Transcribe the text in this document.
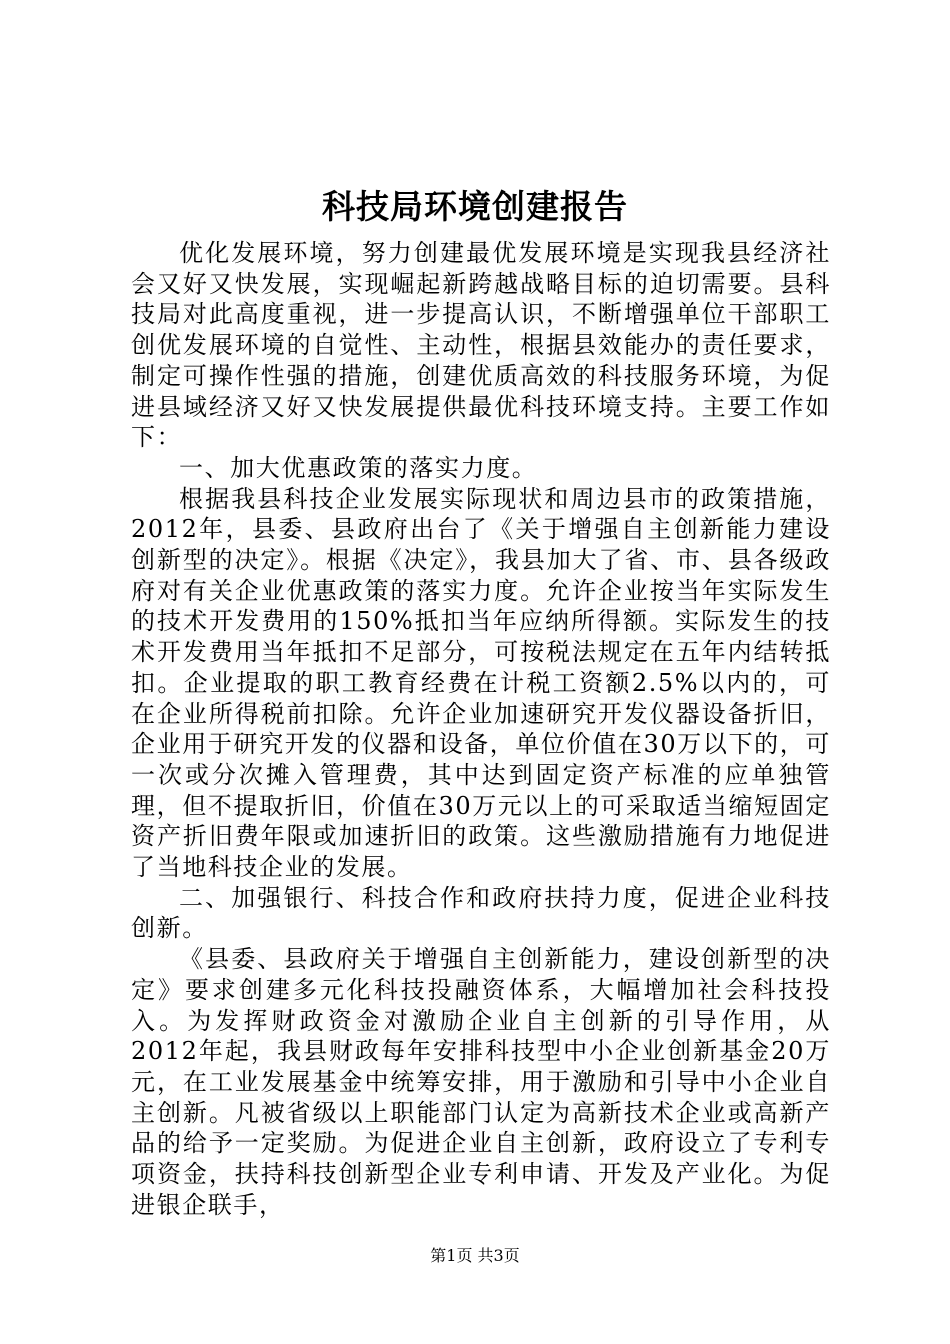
科技局环境创建报告

优化发展环境，努力创建最优发展环境是实现我县经济社会又好又快发展，实现崛起新跨越战略目标的迫切需要。县科技局对此高度重视，进一步提高认识，不断增强单位干部职工创优发展环境的自觉性、主动性，根据县效能办的责任要求，制定可操作性强的措施，创建优质高效的科技服务环境，为促进县域经济又好又快发展提供最优科技环境支持。主要工作如下：

一、加大优惠政策的落实力度。

根据我县科技企业发展实际现状和周边县市的政策措施，2012年，县委、县政府出台了《关于增强自主创新能力建设创新型的决定》。根据《决定》，我县加大了省、市、县各级政府对有关企业优惠政策的落实力度。允许企业按当年实际发生的技术开发费用的150%抵扣当年应纳所得额。实际发生的技术开发费用当年抵扣不足部分，可按税法规定在五年内结转抵扣。企业提取的职工教育经费在计税工资额2.5%以内的，可在企业所得税前扣除。允许企业加速研究开发仪器设备折旧，企业用于研究开发的仪器和设备，单位价值在30万以下的，可一次或分次摊入管理费，其中达到固定资产标准的应单独管理，但不提取折旧，价值在30万元以上的可采取适当缩短固定资产折旧费年限或加速折旧的政策。这些激励措施有力地促进了当地科技企业的发展。

二、加强银行、科技合作和政府扶持力度，促进企业科技创新。

《县委、县政府关于增强自主创新能力，建设创新型的决定》要求创建多元化科技投融资体系，大幅增加社会科技投入。为发挥财政资金对激励企业自主创新的引导作用，从2012年起，我县财政每年安排科技型中小企业创新基金20万元，在工业发展基金中统筹安排，用于激励和引导中小企业自主创新。凡被省级以上职能部门认定为高新技术企业或高新产品的给予一定奖励。为促进企业自主创新，政府设立了专利专项资金，扶持科技创新型企业专利申请、开发及产业化。为促进银企联手，

第1页 共3页
